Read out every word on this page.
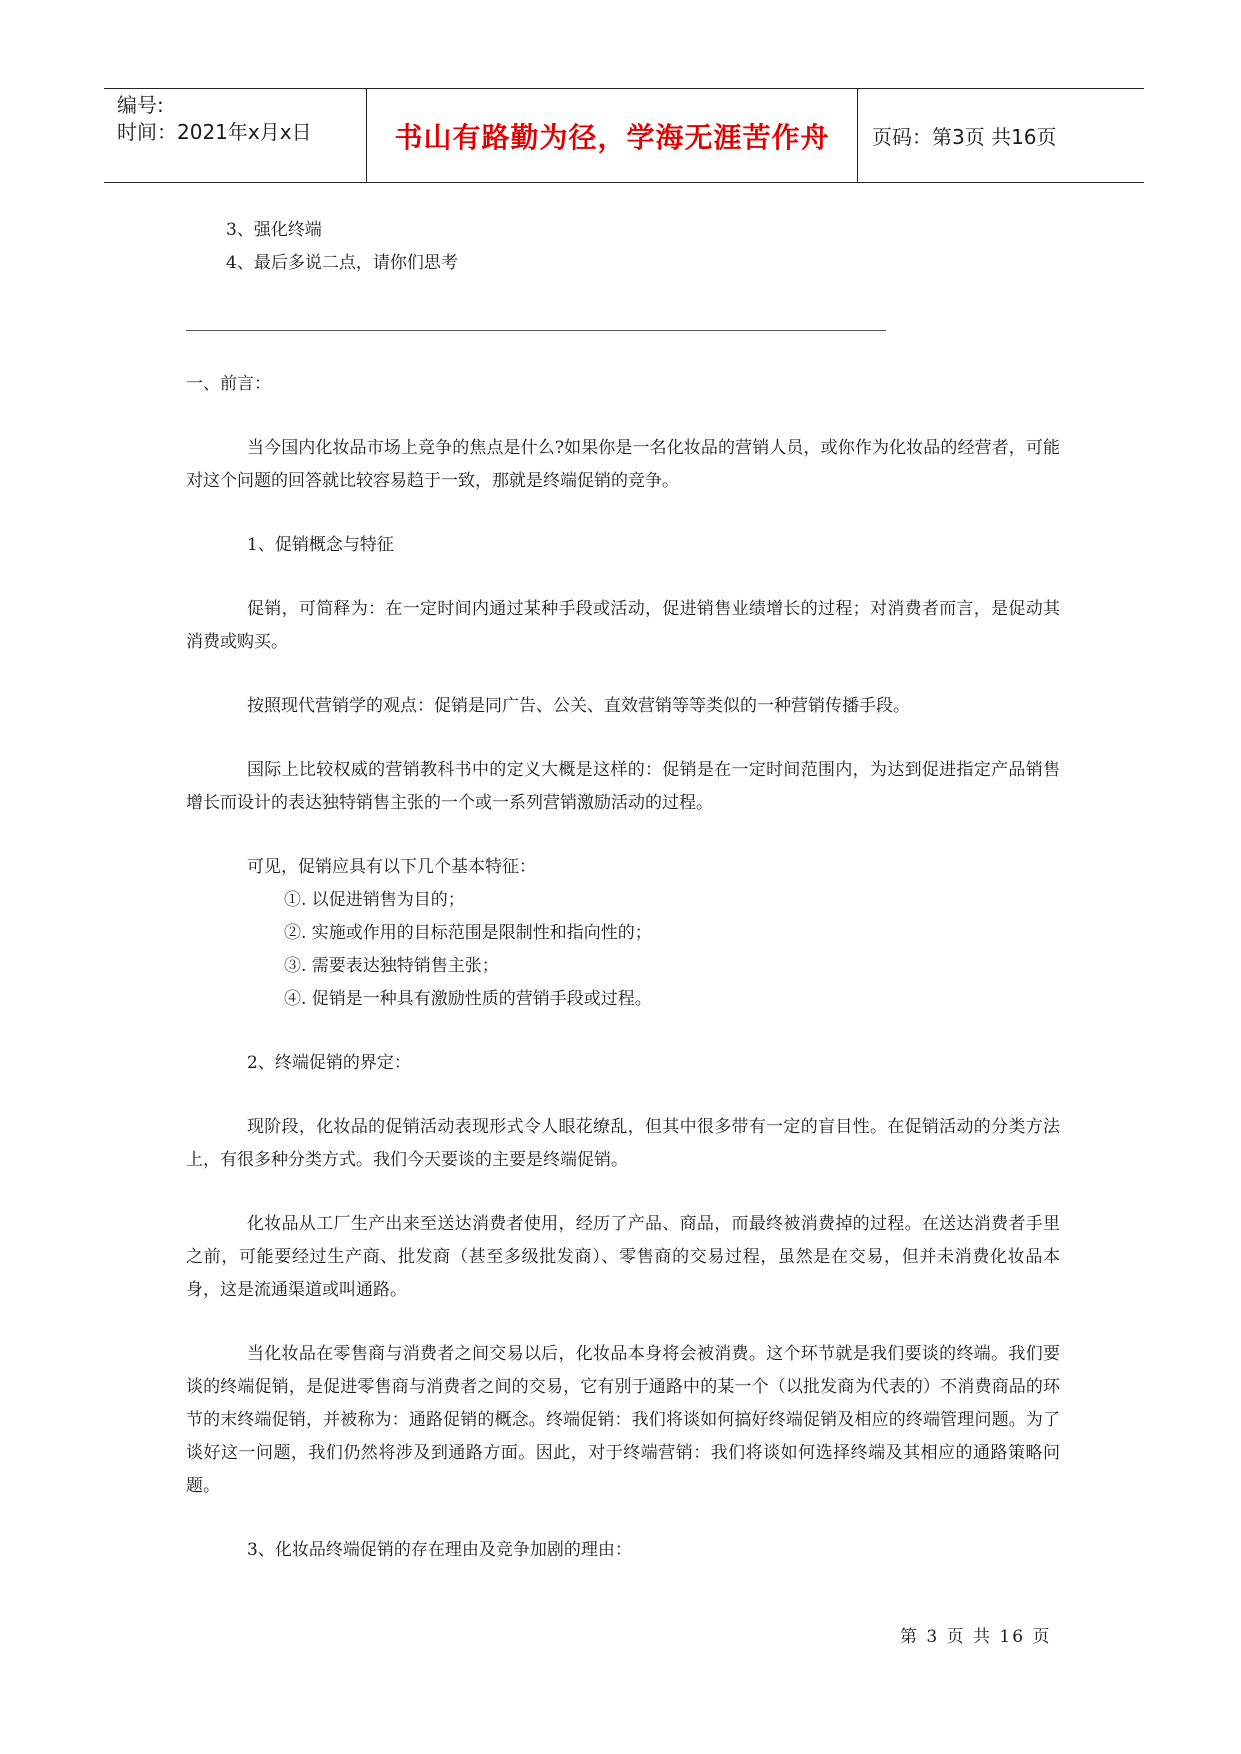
编号:
时间：2021年x月x日	书山有路勤为径，学海无涯苦作舟	页码：第3页 共16页
3、强化终端
4、最后多说二点，请你们思考

一、前言：

当今国内化妆品市场上竞争的焦点是什么?如果你是一名化妆品的营销人员，或你作为化妆品的经营者，可能对这个问题的回答就比较容易趋于一致，那就是终端促销的竞争。

1、促销概念与特征

促销，可简释为：在一定时间内通过某种手段或活动，促进销售业绩增长的过程；对消费者而言，是促动其消费或购买。

按照现代营销学的观点：促销是同广告、公关、直效营销等等类似的一种营销传播手段。

国际上比较权威的营销教科书中的定义大概是这样的：促销是在一定时间范围内，为达到促进指定产品销售增长而设计的表达独特销售主张的一个或一系列营销激励活动的过程。

可见，促销应具有以下几个基本特征：

①. 以促进销售为目的；
②. 实施或作用的目标范围是限制性和指向性的；
③. 需要表达独特销售主张；
④. 促销是一种具有激励性质的营销手段或过程。

2、终端促销的界定：

现阶段，化妆品的促销活动表现形式令人眼花缭乱，但其中很多带有一定的盲目性。在促销活动的分类方法上，有很多种分类方式。我们今天要谈的主要是终端促销。

化妆品从工厂生产出来至送达消费者使用，经历了产品、商品，而最终被消费掉的过程。在送达消费者手里之前，可能要经过生产商、批发商（甚至多级批发商）、零售商的交易过程，虽然是在交易，但并未消费化妆品本身，这是流通渠道或叫通路。

当化妆品在零售商与消费者之间交易以后，化妆品本身将会被消费。这个环节就是我们要谈的终端。我们要谈的终端促销，是促进零售商与消费者之间的交易，它有别于通路中的某一个（以批发商为代表的）不消费商品的环节的末终端促销，并被称为：通路促销的概念。终端促销：我们将谈如何搞好终端促销及相应的终端管理问题。为了谈好这一问题，我们仍然将涉及到通路方面。因此，对于终端营销：我们将谈如何选择终端及其相应的通路策略问题。

3、化妆品终端促销的存在理由及竞争加剧的理由：

第 3 页 共 16 页
